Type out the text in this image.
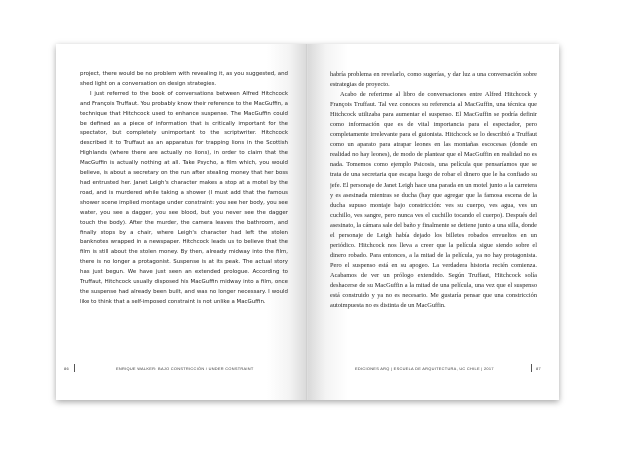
project, there would be no problem with revealing it, as you suggested, and shed light on a conversation on design strategies.

I just referred to the book of conversations between Alfred Hitchcock and François Truffaut. You probably know their reference to the MacGuffin, a technique that Hitchcock used to enhance suspense. The MacGuffin could be defined as a piece of information that is critically important for the spectator, but completely unimportant to the scriptwriter. Hitchcock described it to Truffaut as an apparatus for trapping lions in the Scottish Highlands (where there are actually no lions), in order to claim that the MacGuffin is actually nothing at all. Take Psycho, a film which, you would believe, is about a secretary on the run after stealing money that her boss had entrusted her. Janet Leigh's character makes a stop at a motel by the road, and is murdered while taking a shower (I must add that the famous shower scene implied montage under constraint: you see her body, you see water, you see a dagger, you see blood, but you never see the dagger touch the body). After the murder, the camera leaves the bathroom, and finally stops by a chair, where Leigh's character had left the stolen banknotes wrapped in a newspaper. Hitchcock leads us to believe that the film is still about the stolen money. By then, already midway into the film, there is no longer a protagonist. Suspense is at its peak. The actual story has just begun. We have just seen an extended prologue. According to Truffaut, Hitchcock usually disposed his MacGuffin midway into a film, once the suspense had already been built, and was no longer necessary. I would like to think that a self-imposed constraint is not unlike a MacGuffin.

86	ENRIQUE WALKER: BAJO CONSTRICCIÓN / UNDER CONSTRAINT

habría problema en revelarlo, como sugerías, y dar luz a una conversación sobre estrategias de proyecto.

Acabo de referirme al libro de conversaciones entre Alfred Hitchcock y François Truffaut. Tal vez conoces su referencia al MacGuffin, una técnica que Hitchcock utilizaba para aumentar el suspenso. El MacGuffin se podría definir como información que es de vital importancia para el espectador, pero completamente irrelevante para el guionista. Hitchcock se lo describió a Truffaut como un aparato para atrapar leones en las montañas escocesas (donde en realidad no hay leones), de modo de plantear que el MacGuffin en realidad no es nada. Tomemos como ejemplo Psicosis, una película que pensaríamos que se trata de una secretaria que escapa luego de robar el dinero que le ha confiado su jefe. El personaje de Janet Leigh hace una parada en un motel junto a la carretera y es asesinada mientras se ducha (hay que agregar que la famosa escena de la ducha supuso montaje bajo constricción: ves su cuerpo, ves agua, ves un cuchillo, ves sangre, pero nunca ves el cuchillo tocando el cuerpo). Después del asesinato, la cámara sale del baño y finalmente se detiene junto a una silla, donde el personaje de Leigh había dejado los billetes robados envueltos en un periódico. Hitchcock nos lleva a creer que la película sigue siendo sobre el dinero robado. Para entonces, a la mitad de la película, ya no hay protagonista. Pero el suspenso está en su apogeo. La verdadera historia recién comienza. Acabamos de ver un prólogo extendido. Según Truffaut, Hitchcock solía deshacerse de su MacGuffin a la mitad de una película, una vez que el suspenso está construido y ya no es necesario. Me gustaría pensar que una constricción autoimpuesta no es distinta de un MacGuffin.

EDICIONES ARQ | ESCUELA DE ARQUITECTURA, UC CHILE | 2017	87
